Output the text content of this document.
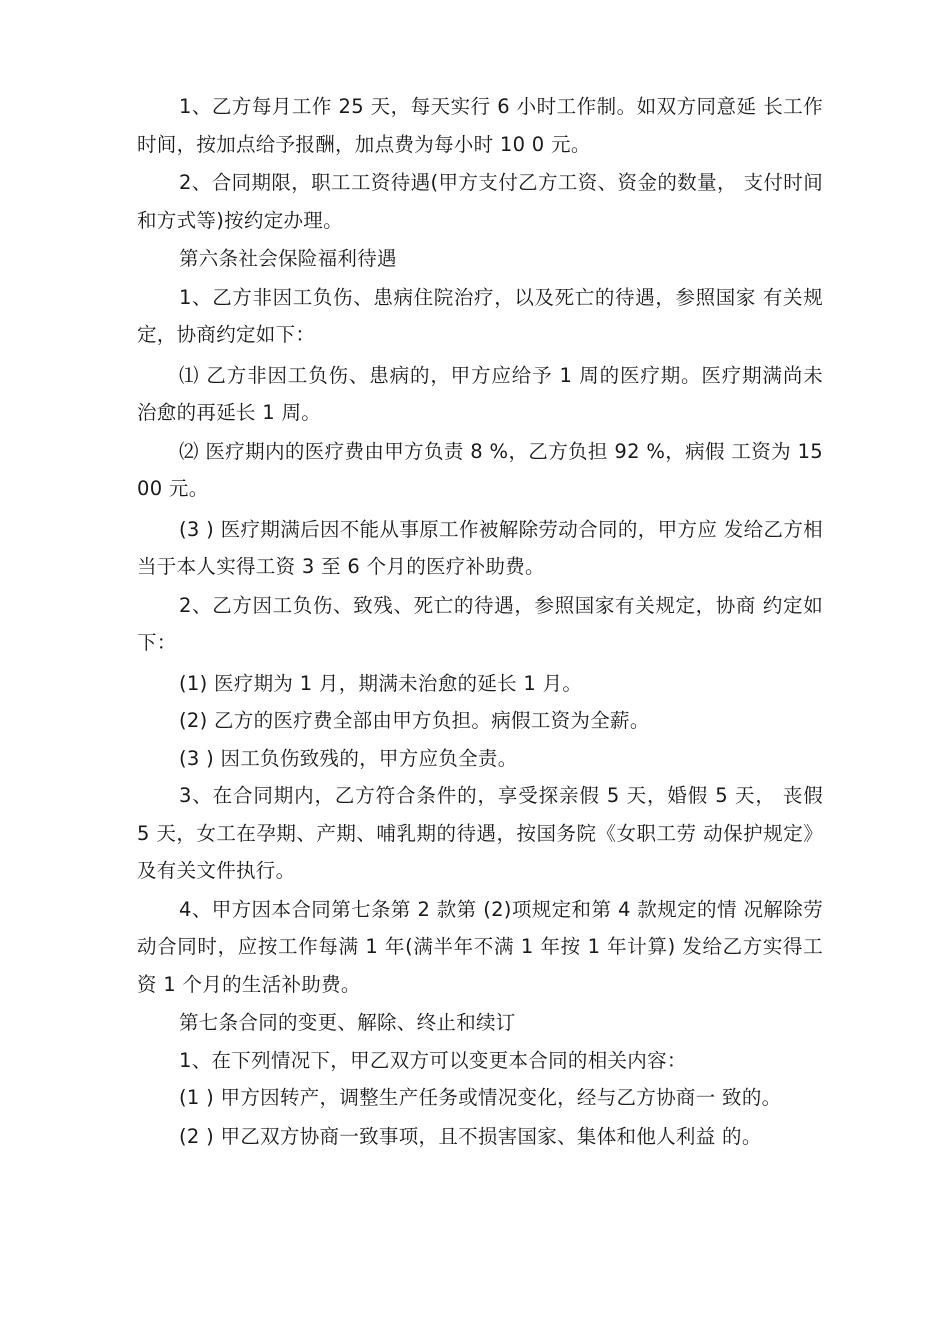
1、乙方每月工作 25 天，每天实行 6 小时工作制。如双方同意延 长工作时间，按加点给予报酬，加点费为每小时 10 0 元。

2、合同期限，职工工资待遇(甲方支付乙方工资、资金的数量， 支付时间和方式等)按约定办理。

第六条社会保险福利待遇

1、乙方非因工负伤、患病住院治疗，以及死亡的待遇，参照国家 有关规定，协商约定如下：

⑴ 乙方非因工负伤、患病的，甲方应给予 1 周的医疗期。医疗期满尚未治愈的再延长 1 周。

⑵ 医疗期内的医疗费由甲方负责 8 %，乙方负担 92 %，病假 工资为 1500 元。

(3 ) 医疗期满后因不能从事原工作被解除劳动合同的，甲方应 发给乙方相当于本人实得工资 3 至 6 个月的医疗补助费。

2、乙方因工负伤、致残、死亡的待遇，参照国家有关规定，协商 约定如下：

(1) 医疗期为 1 月，期满未治愈的延长 1 月。

(2) 乙方的医疗费全部由甲方负担。病假工资为全薪。

(3 ) 因工负伤致残的，甲方应负全责。

3、在合同期内，乙方符合条件的，享受探亲假 5 天，婚假 5 天， 丧假 5 天，女工在孕期、产期、哺乳期的待遇，按国务院《女职工劳 动保护规定》及有关文件执行。

4、甲方因本合同第七条第 2 款第 (2)项规定和第 4 款规定的情 况解除劳动合同时，应按工作每满 1 年(满半年不满 1 年按 1 年计算) 发给乙方实得工资 1 个月的生活补助费。

第七条合同的变更、解除、终止和续订

1、在下列情况下，甲乙双方可以变更本合同的相关内容：

(1 ) 甲方因转产，调整生产任务或情况变化，经与乙方协商一 致的。

(2 ) 甲乙双方协商一致事项，且不损害国家、集体和他人利益 的。
